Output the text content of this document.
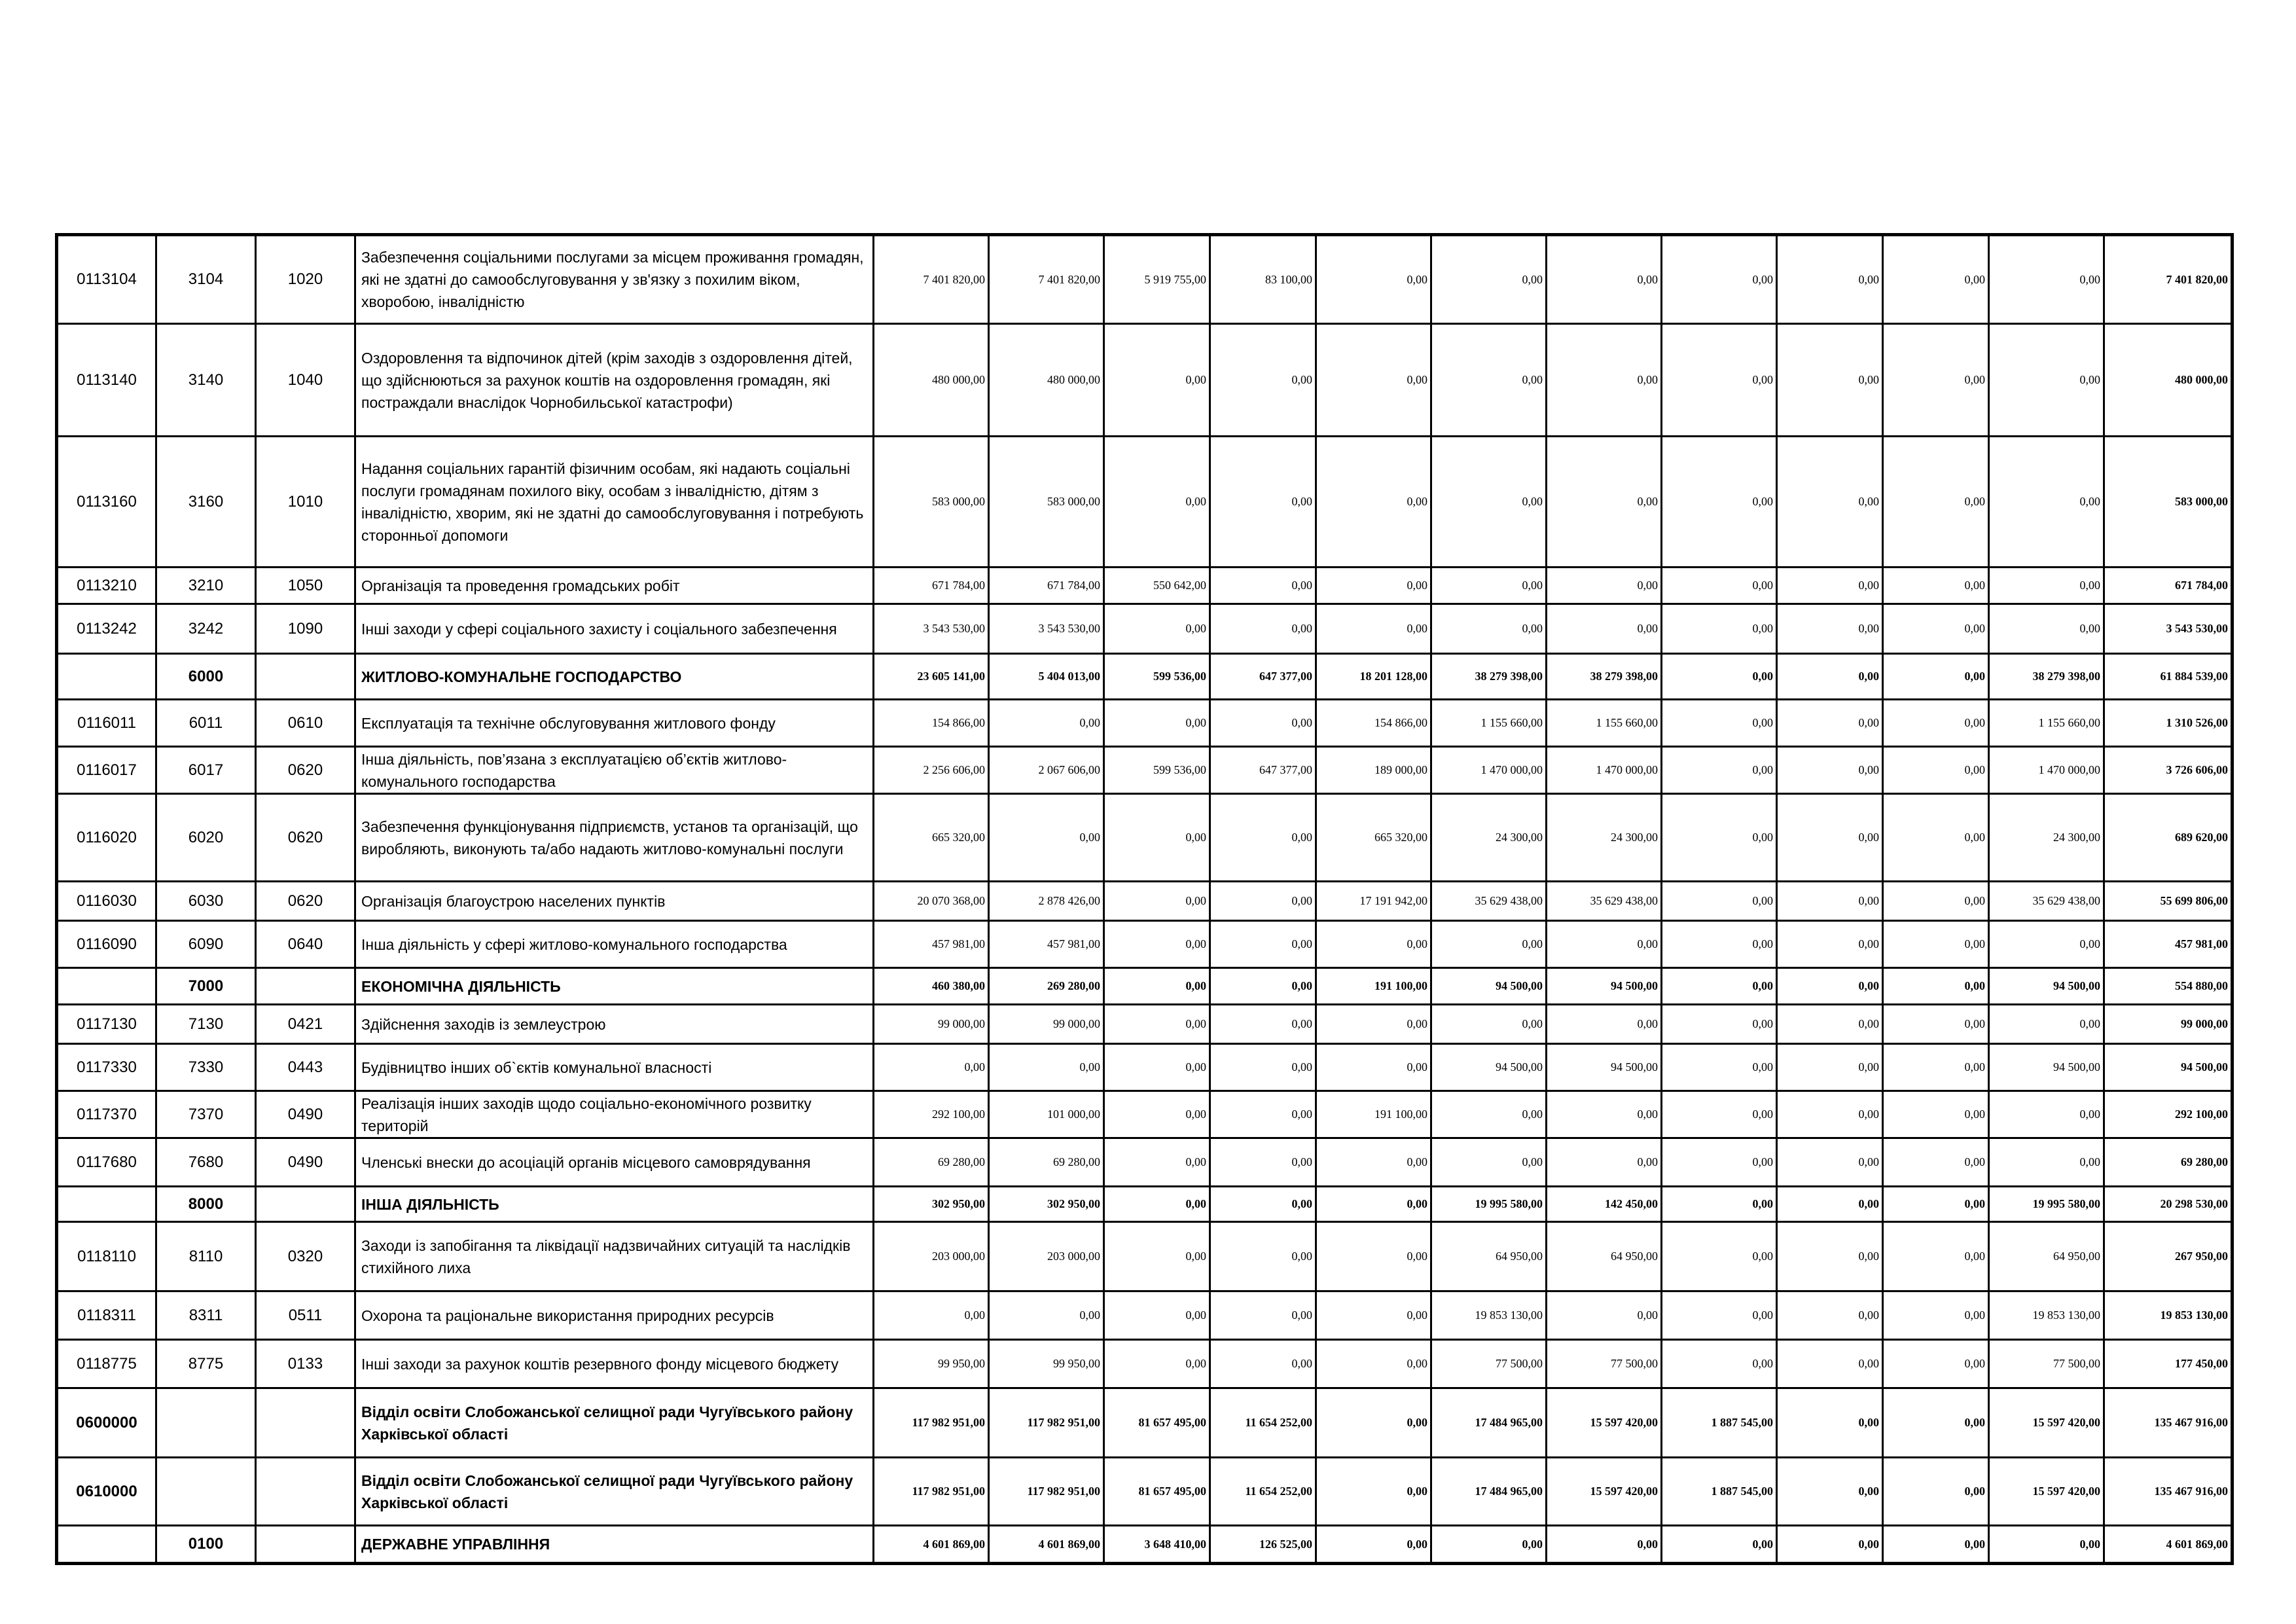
0113104	3104	1020	Забезпечення соціальними послугами за місцем проживання громадян, які не здатні до самообслуговування у зв'язку з похилим віком, хворобою, інвалідністю	7 401 820,00	7 401 820,00	5 919 755,00	83 100,00	0,00	0,00	0,00	0,00	0,00	0,00	0,00	7 401 820,00
0113140	3140	1040	Оздоровлення та відпочинок дітей (крім заходів з оздоровлення дітей, що здійснюються за рахунок коштів на оздоровлення громадян, які постраждали внаслідок Чорнобильської катастрофи)	480 000,00	480 000,00	0,00	0,00	0,00	0,00	0,00	0,00	0,00	0,00	0,00	480 000,00
0113160	3160	1010	Надання соціальних гарантій фізичним особам, які надають соціальні послуги громадянам похилого віку, особам з інвалідністю, дітям з інвалідністю, хворим, які не здатні до самообслуговування і потребують сторонньої допомоги	583 000,00	583 000,00	0,00	0,00	0,00	0,00	0,00	0,00	0,00	0,00	0,00	583 000,00
0113210	3210	1050	Організація та проведення громадських робіт	671 784,00	671 784,00	550 642,00	0,00	0,00	0,00	0,00	0,00	0,00	0,00	0,00	671 784,00
0113242	3242	1090	Інші заходи у сфері соціального захисту і соціального забезпечення	3 543 530,00	3 543 530,00	0,00	0,00	0,00	0,00	0,00	0,00	0,00	0,00	0,00	3 543 530,00
	6000		ЖИТЛОВО-КОМУНАЛЬНЕ ГОСПОДАРСТВО	23 605 141,00	5 404 013,00	599 536,00	647 377,00	18 201 128,00	38 279 398,00	38 279 398,00	0,00	0,00	0,00	38 279 398,00	61 884 539,00
0116011	6011	0610	Експлуатація та технічне обслуговування житлового фонду	154 866,00	0,00	0,00	0,00	154 866,00	1 155 660,00	1 155 660,00	0,00	0,00	0,00	1 155 660,00	1 310 526,00
0116017	6017	0620	Інша діяльність, пов’язана з експлуатацією об’єктів житлово-комунального господарства	2 256 606,00	2 067 606,00	599 536,00	647 377,00	189 000,00	1 470 000,00	1 470 000,00	0,00	0,00	0,00	1 470 000,00	3 726 606,00
0116020	6020	0620	Забезпечення функціонування підприємств, установ та організацій, що виробляють, виконують та/або надають житлово-комунальні послуги	665 320,00	0,00	0,00	0,00	665 320,00	24 300,00	24 300,00	0,00	0,00	0,00	24 300,00	689 620,00
0116030	6030	0620	Організація благоустрою населених пунктів	20 070 368,00	2 878 426,00	0,00	0,00	17 191 942,00	35 629 438,00	35 629 438,00	0,00	0,00	0,00	35 629 438,00	55 699 806,00
0116090	6090	0640	Інша діяльність у сфері житлово-комунального господарства	457 981,00	457 981,00	0,00	0,00	0,00	0,00	0,00	0,00	0,00	0,00	0,00	457 981,00
	7000		ЕКОНОМІЧНА ДІЯЛЬНІСТЬ	460 380,00	269 280,00	0,00	0,00	191 100,00	94 500,00	94 500,00	0,00	0,00	0,00	94 500,00	554 880,00
0117130	7130	0421	Здійснення заходів із землеустрою	99 000,00	99 000,00	0,00	0,00	0,00	0,00	0,00	0,00	0,00	0,00	0,00	99 000,00
0117330	7330	0443	Будівництво інших об`єктів комунальної власності	0,00	0,00	0,00	0,00	0,00	94 500,00	94 500,00	0,00	0,00	0,00	94 500,00	94 500,00
0117370	7370	0490	Реалізація інших заходів щодо соціально-економічного розвитку територій	292 100,00	101 000,00	0,00	0,00	191 100,00	0,00	0,00	0,00	0,00	0,00	0,00	292 100,00
0117680	7680	0490	Членські внески до асоціацій органів місцевого самоврядування	69 280,00	69 280,00	0,00	0,00	0,00	0,00	0,00	0,00	0,00	0,00	0,00	69 280,00
	8000		ІНША ДІЯЛЬНІСТЬ	302 950,00	302 950,00	0,00	0,00	0,00	19 995 580,00	142 450,00	0,00	0,00	0,00	19 995 580,00	20 298 530,00
0118110	8110	0320	Заходи із запобігання та ліквідації надзвичайних ситуацій та наслідків стихійного лиха	203 000,00	203 000,00	0,00	0,00	0,00	64 950,00	64 950,00	0,00	0,00	0,00	64 950,00	267 950,00
0118311	8311	0511	Охорона та раціональне використання природних ресурсів	0,00	0,00	0,00	0,00	0,00	19 853 130,00	0,00	0,00	0,00	0,00	19 853 130,00	19 853 130,00
0118775	8775	0133	Інші заходи за рахунок коштів резервного фонду місцевого бюджету	99 950,00	99 950,00	0,00	0,00	0,00	77 500,00	77 500,00	0,00	0,00	0,00	77 500,00	177 450,00
0600000			Відділ освіти Слобожанської селищної ради Чугуївського району Харківської області	117 982 951,00	117 982 951,00	81 657 495,00	11 654 252,00	0,00	17 484 965,00	15 597 420,00	1 887 545,00	0,00	0,00	15 597 420,00	135 467 916,00
0610000			Відділ освіти Слобожанської селищної ради Чугуївського району Харківської області	117 982 951,00	117 982 951,00	81 657 495,00	11 654 252,00	0,00	17 484 965,00	15 597 420,00	1 887 545,00	0,00	0,00	15 597 420,00	135 467 916,00
	0100		ДЕРЖАВНЕ УПРАВЛІННЯ	4 601 869,00	4 601 869,00	3 648 410,00	126 525,00	0,00	0,00	0,00	0,00	0,00	0,00	0,00	4 601 869,00
